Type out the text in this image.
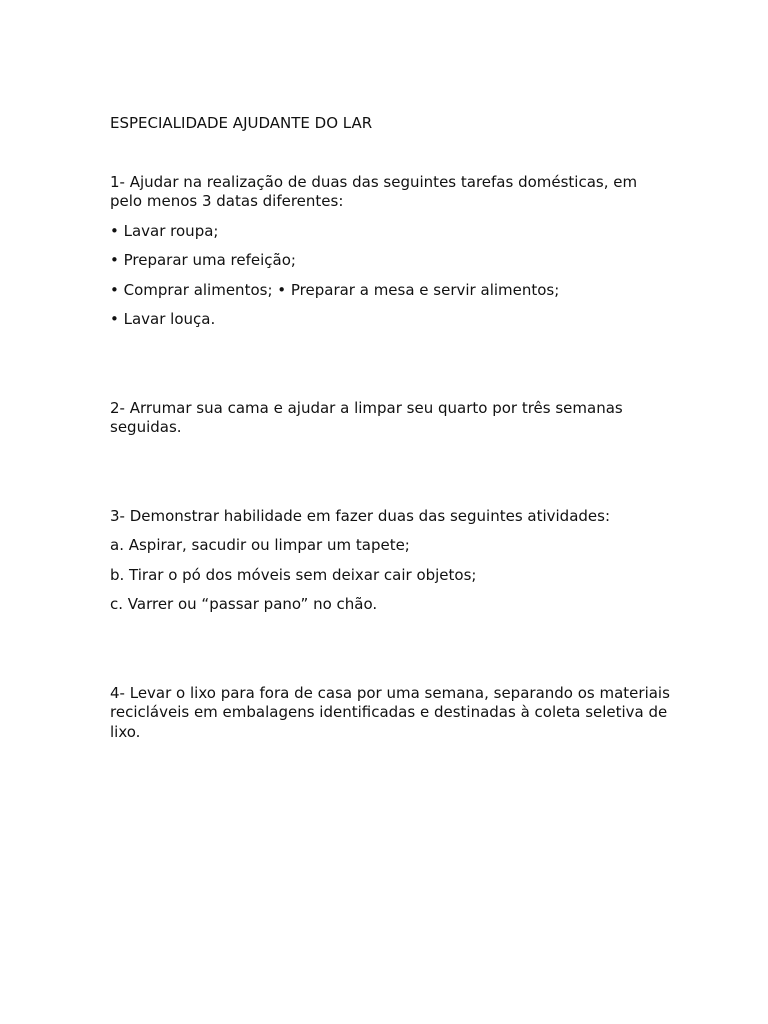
ESPECIALIDADE AJUDANTE DO LAR

1- Ajudar na realização de duas das seguintes tarefas domésticas, em pelo menos 3 datas diferentes:

• Lavar roupa;

• Preparar uma refeição;

• Comprar alimentos; • Preparar a mesa e servir alimentos;

• Lavar louça.

2- Arrumar sua cama e ajudar a limpar seu quarto por três semanas seguidas.

3- Demonstrar habilidade em fazer duas das seguintes atividades:

a. Aspirar, sacudir ou limpar um tapete;

b. Tirar o pó dos móveis sem deixar cair objetos;

c. Varrer ou “passar pano” no chão.

4- Levar o lixo para fora de casa por uma semana, separando os materiais recicláveis em embalagens identificadas e destinadas à coleta seletiva de lixo.
